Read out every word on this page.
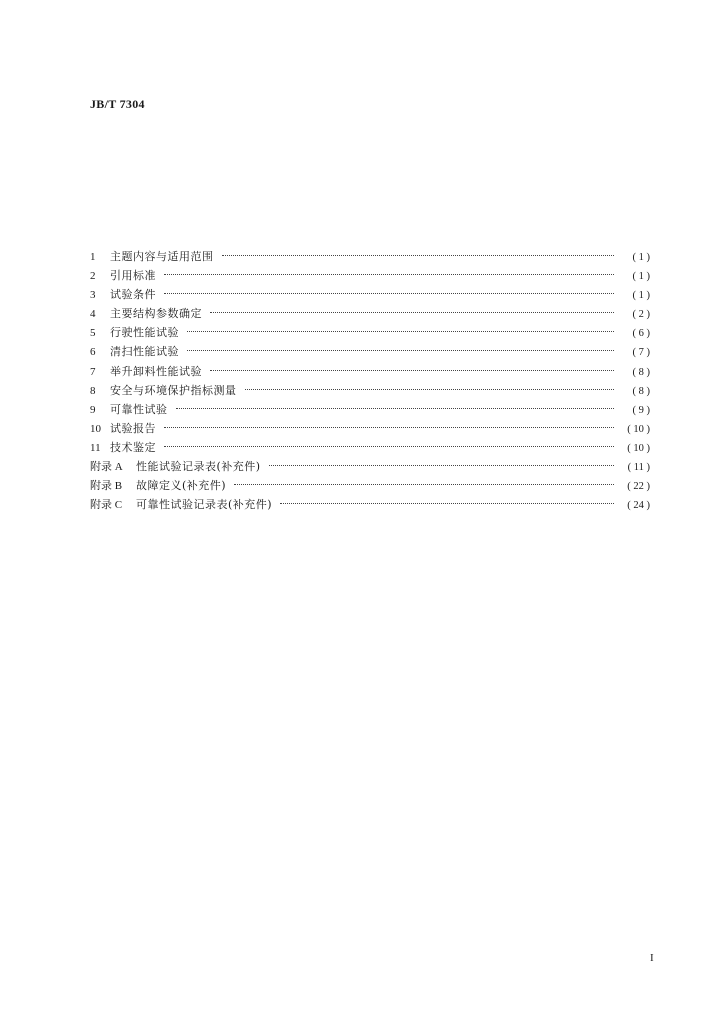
JB/T 7304
1	主题内容与适用范围	( 1 )
2	引用标准	( 1 )
3	试验条件	( 1 )
4	主要结构参数确定	( 2 )
5	行驶性能试验	( 6 )
6	清扫性能试验	( 7 )
7	举升卸料性能试验	( 8 )
8	安全与环境保护指标测量	( 8 )
9	可靠性试验	( 9 )
10 试验报告	( 10 )
11 技术鉴定	( 10 )
附录 A	性能试验记录表(补充件)	( 11 )
附录 B	故障定义(补充件)	( 22 )
附录 C	可靠性试验记录表(补充件)	( 24 )
I
